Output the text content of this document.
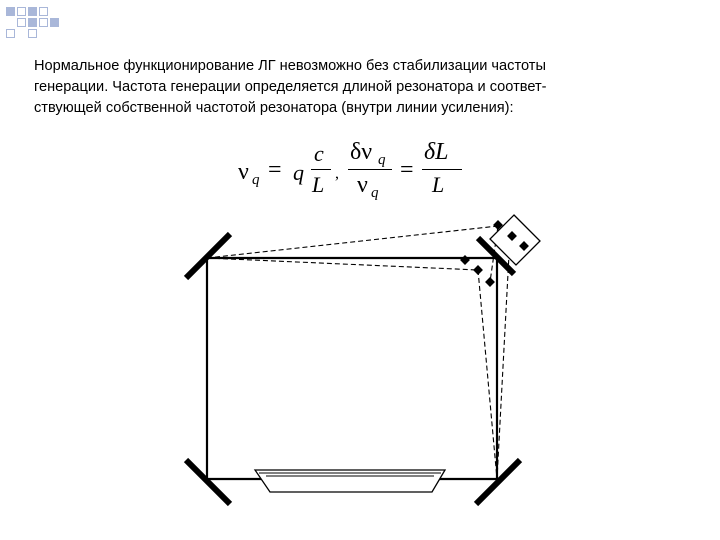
Нормальное функционирование ЛГ невозможно без стабилизации частоты
генерации. Частота генерации определяется длиной резонатора и соответ-
ствующей собственной частотой резонатора (внутри линии усиления):
ν q = q
c
L ,
δν q
ν q
=
δL
L
